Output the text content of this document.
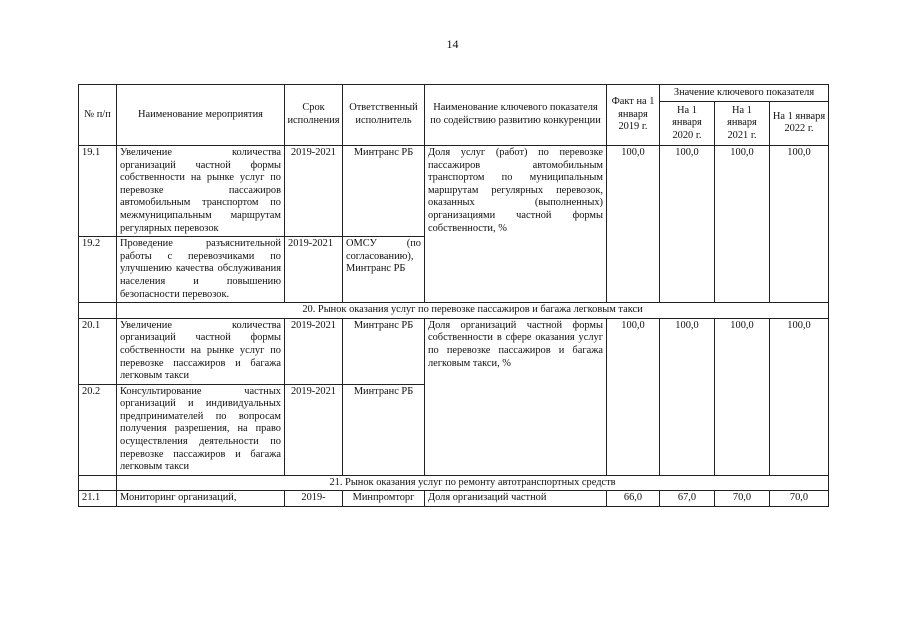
14
№ п/п	Наименование мероприятия	Срок исполнения	Ответственный исполнитель	Наименование ключевого показателя по содействию развитию конкуренции	Факт на 1 января 2019 г.	Значение ключевого показателя		
						На 1 января 2020 г.	На 1 января 2021 г.	На 1 января 2022 г.
19.1	Увеличение количества организаций частной формы собственности на рынке услуг по перевозке пассажиров автомобильным транспортом по межмуниципальным маршрутам регулярных перевозок	2019-2021	Минтранс РБ	Доля услуг (работ) по перевозке пассажиров автомобильным транспортом по муниципальным маршрутам регулярных перевозок, оказанных (выполненных) организациями частной формы собственности, %	100,0	100,0	100,0	100,0
19.2	Проведение разъяснительной работы с перевозчиками по улучшению качества обслуживания населения и повышению безопасности перевозок.	2019-2021	ОМСУ (по согласованию), Минтранс РБ					
	20. Рынок оказания услуг по перевозке пассажиров и багажа легковым такси							
20.1	Увеличение количества организаций частной формы собственности на рынке услуг по перевозке пассажиров и багажа легковым такси	2019-2021	Минтранс РБ	Доля организаций частной формы собственности в сфере оказания услуг по перевозке пассажиров и багажа легковым такси, %	100,0	100,0	100,0	100,0
20.2	Консультирование частных организаций и индивидуальных предпринимателей по вопросам получения разрешения, на право осуществления деятельности по перевозке пассажиров и багажа легковым такси	2019-2021	Минтранс РБ					
	21. Рынок оказания услуг по ремонту автотранспортных средств							
21.1	Мониторинг организаций,	2019-	Минпромторг	Доля организаций частной	66,0	67,0	70,0	70,0
